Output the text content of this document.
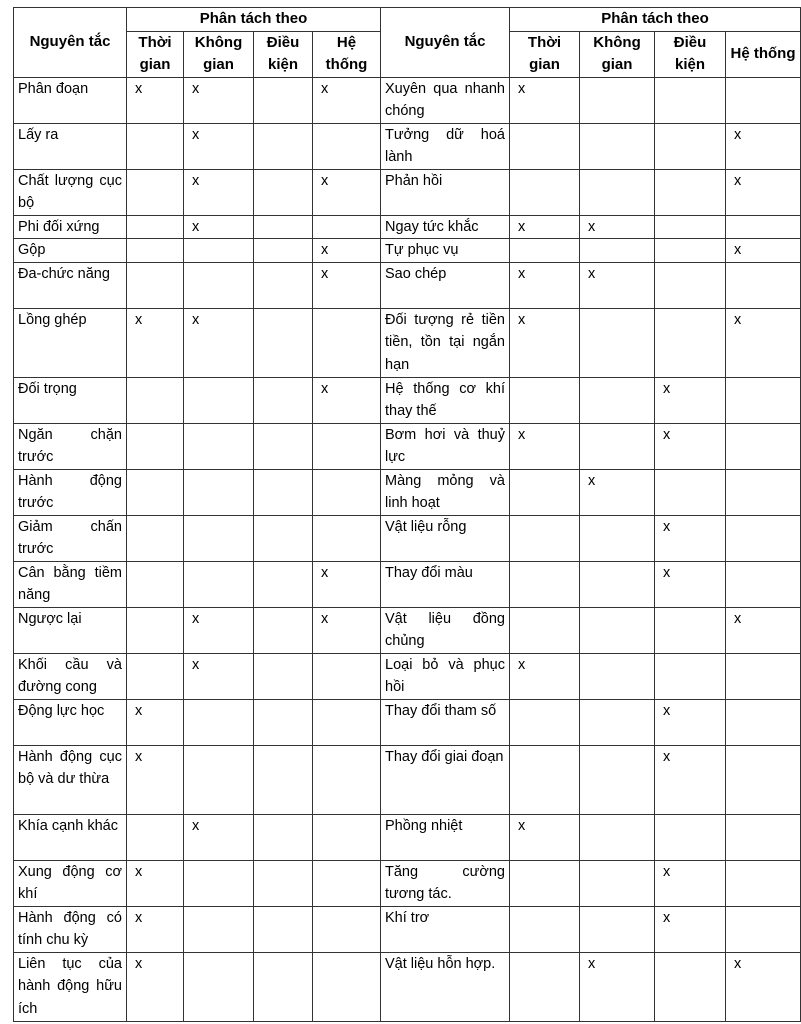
Nguyên tắc	Phân tách theo				Nguyên tắc	Phân tách theo			
	Thời gian	Không gian	Điều kiện	Hệ thống		Thời gian	Không gian	Điều kiện	Hệ thống
Phân đoạn	x	x		x	Xuyên qua nhanh chóng	x			
Lấy ra		x			Tưởng dữ hoá lành				x
Chất lượng cục bộ		x		x	Phản hồi				x
Phi đối xứng		x			Ngay tức khắc	x	x		
Gộp				x	Tự phục vụ				x
Đa-chức năng				x	Sao chép	x	x		
Lồng ghép	x	x			Đối tượng rẻ tiền tiền, tồn tại ngắn hạn	x			x
Đối trọng				x	Hệ thống cơ khí thay thế			x	
Ngăn chặn trước					Bơm hơi và thuỷ lực	x		x	
Hành động trước					Màng mỏng và linh hoạt		x		
Giảm chấn trước					Vật liệu rỗng			x	
Cân bằng tiềm năng				x	Thay đổi màu			x	
Ngược lại		x		x	Vật liệu đồng chủng				x
Khối cầu và đường cong		x			Loại bỏ và phục hồi	x			
Động lực học	x				Thay đổi tham số			x	
Hành động cục bộ và dư thừa	x				Thay đổi giai đoạn			x	
Khía cạnh khác		x			Phồng nhiệt	x			
Xung động cơ khí	x				Tăng cường tương tác.			x	
Hành động có tính chu kỳ	x				Khí trơ			x	
Liên tục của hành động hữu ích	x				Vật liệu hỗn hợp.		x		x
